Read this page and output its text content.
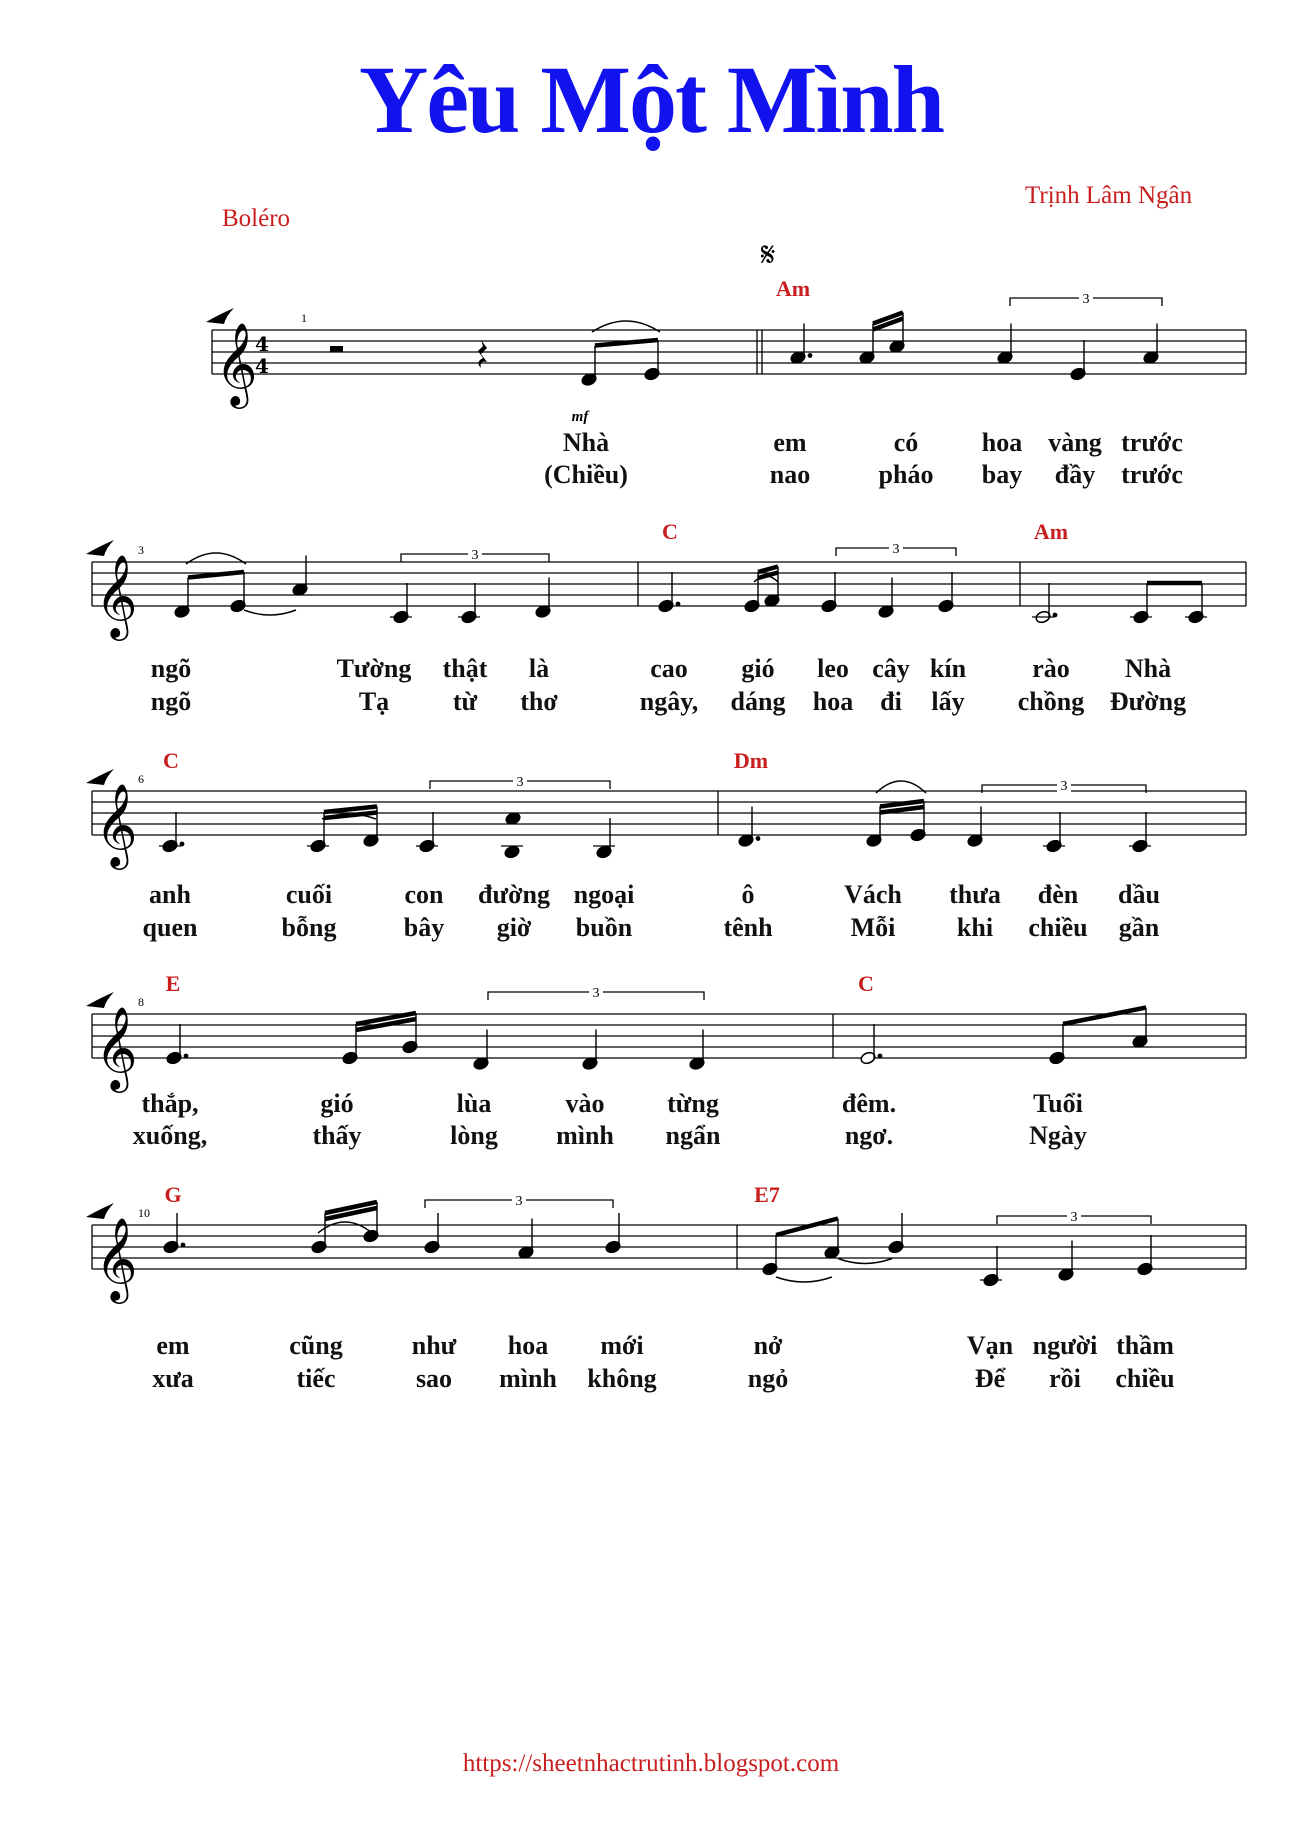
Yêu Một Mình
Boléro
Trịnh Lâm Ngân
https://sheetnhactrutinh.blogspot.com
𝄞
4
4
1
mf
𝄋
Am	3
Nhà
(Chiều)
em
nao
có
pháo
hoa
bay
vàng
đầy
trước
trước
𝄞
3	3
C
3
Am
ngõ
ngõ
Tường
Tạ
thật
từ
là
thơ
cao
ngây,
gió
dáng
leo
hoa
cây
đi
kín
lấy
rào
chồng
Nhà
Đường
𝄞
6
C
3
Dm
3
anh
quen
cuối
bỗng
con
bây
đường
giờ
ngoại
buồn
ô
tênh
Vách
Mỗi
thưa
khi
đèn
chiều
dầu
gần
𝄞
8
E	3	C
thắp,
xuống,
gió
thấy
lùa
lòng
vào
mình
từng
ngẩn
đêm.
ngơ.
Tuổi
Ngày
𝄞
10
G	3	E7
3
em
xưa
cũng
tiếc
như
sao
hoa
mình
mới
không
nở
ngỏ
Vạn
Để
người
rồi
thầm
chiều
